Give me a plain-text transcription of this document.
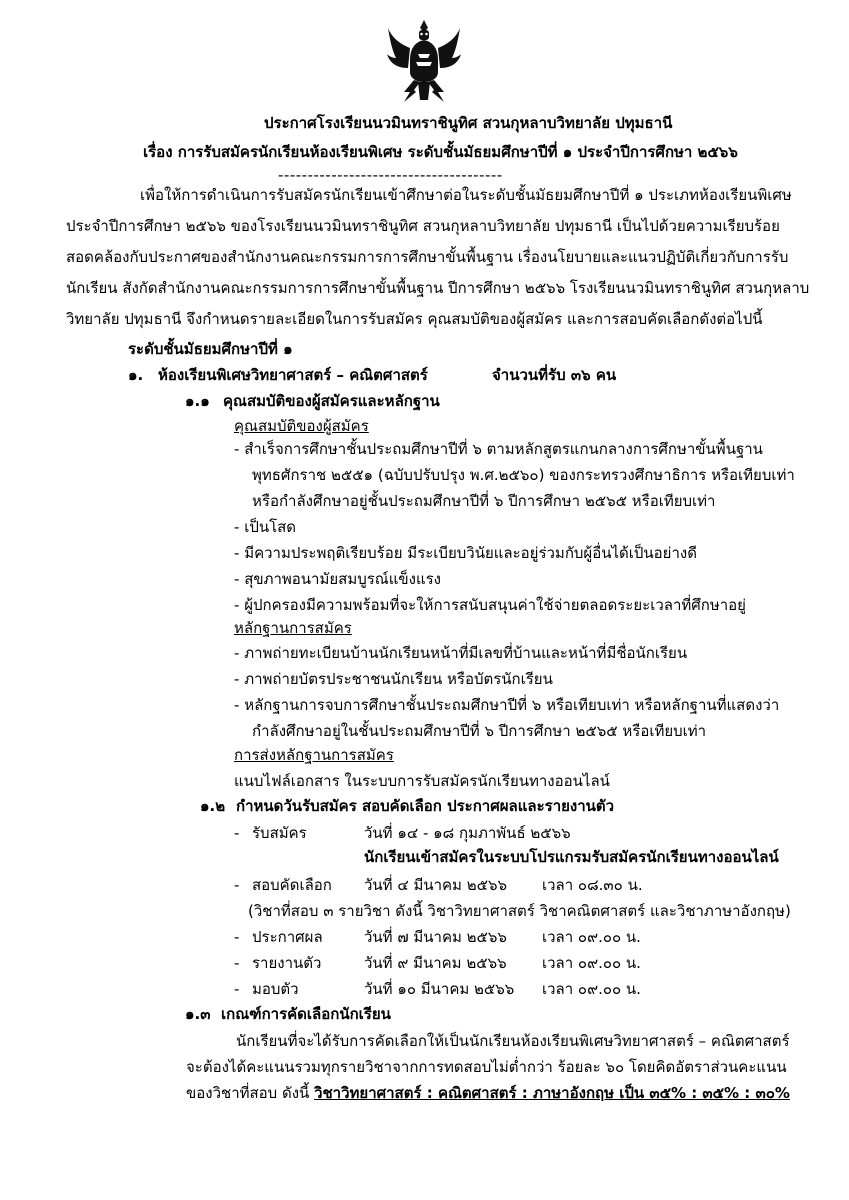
ประกาศโรงเรียนนวมินทราชินูทิศ สวนกุหลาบวิทยาลัย ปทุมธานี
เรื่อง การรับสมัครนักเรียนห้องเรียนพิเศษ ระดับชั้นมัธยมศึกษาปีที่ ๑ ประจำปีการศึกษา ๒๕๖๖
--------------------------------------
เพื่อให้การดำเนินการรับสมัครนักเรียนเข้าศึกษาต่อในระดับชั้นมัธยมศึกษาปีที่ ๑ ประเภทห้องเรียนพิเศษ
ประจำปีการศึกษา ๒๕๖๖ ของโรงเรียนนวมินทราชินูทิศ สวนกุหลาบวิทยาลัย ปทุมธานี เป็นไปด้วยความเรียบร้อย
สอดคล้องกับประกาศของสำนักงานคณะกรรมการการศึกษาขั้นพื้นฐาน เรื่องนโยบายและแนวปฏิบัติเกี่ยวกับการรับ
นักเรียน สังกัดสำนักงานคณะกรรมการการศึกษาขั้นพื้นฐาน ปีการศึกษา ๒๕๖๖ โรงเรียนนวมินทราชินูทิศ สวนกุหลาบ
วิทยาลัย ปทุมธานี จึงกำหนดรายละเอียดในการรับสมัคร คุณสมบัติของผู้สมัคร และการสอบคัดเลือกดังต่อไปนี้
ระดับชั้นมัธยมศึกษาปีที่ ๑
๑. ห้องเรียนพิเศษวิทยาศาสตร์ – คณิตศาสตร์	จำนวนที่รับ ๓๖ คน
๑.๑ คุณสมบัติของผู้สมัครและหลักฐาน
คุณสมบัติของผู้สมัคร
- สำเร็จการศึกษาชั้นประถมศึกษาปีที่ ๖ ตามหลักสูตรแกนกลางการศึกษาขั้นพื้นฐาน
พุทธศักราช ๒๕๕๑ (ฉบับปรับปรุง พ.ศ.๒๕๖๐) ของกระทรวงศึกษาธิการ หรือเทียบเท่า
หรือกำลังศึกษาอยู่ชั้นประถมศึกษาปีที่ ๖ ปีการศึกษา ๒๕๖๕ หรือเทียบเท่า
- เป็นโสด
- มีความประพฤติเรียบร้อย มีระเบียบวินัยและอยู่ร่วมกับผู้อื่นได้เป็นอย่างดี
- สุขภาพอนามัยสมบูรณ์แข็งแรง
- ผู้ปกครองมีความพร้อมที่จะให้การสนับสนุนค่าใช้จ่ายตลอดระยะเวลาที่ศึกษาอยู่
หลักฐานการสมัคร
- ภาพถ่ายทะเบียนบ้านนักเรียนหน้าที่มีเลขที่บ้านและหน้าที่มีชื่อนักเรียน
- ภาพถ่ายบัตรประชาชนนักเรียน หรือบัตรนักเรียน
- หลักฐานการจบการศึกษาชั้นประถมศึกษาปีที่ ๖ หรือเทียบเท่า หรือหลักฐานที่แสดงว่า
กำลังศึกษาอยู่ในชั้นประถมศึกษาปีที่ ๖ ปีการศึกษา ๒๕๖๕ หรือเทียบเท่า
การส่งหลักฐานการสมัคร
แนบไฟล์เอกสาร ในระบบการรับสมัครนักเรียนทางออนไลน์
๑.๒ กำหนดวันรับสมัคร สอบคัดเลือก ประกาศผลและรายงานตัว
- รับสมัคร	วันที่ ๑๔ - ๑๘ กุมภาพันธ์ ๒๕๖๖
นักเรียนเข้าสมัครในระบบโปรแกรมรับสมัครนักเรียนทางออนไลน์
- สอบคัดเลือก วันที่ ๔ มีนาคม ๒๕๖๖ เวลา ๐๘.๓๐ น.
(วิชาที่สอบ ๓ รายวิชา ดังนี้ วิชาวิทยาศาสตร์ วิชาคณิตศาสตร์ และวิชาภาษาอังกฤษ)
- ประกาศผล	วันที่ ๗ มีนาคม ๒๕๖๖ เวลา ๐๙.๐๐ น.
- รายงานตัว	วันที่ ๙ มีนาคม ๒๕๖๖ เวลา ๐๙.๐๐ น.
- มอบตัว	วันที่ ๑๐ มีนาคม ๒๕๖๖ เวลา ๐๙.๐๐ น.
๑.๓ เกณฑ์การคัดเลือกนักเรียน
นักเรียนที่จะได้รับการคัดเลือกให้เป็นนักเรียนห้องเรียนพิเศษวิทยาศาสตร์ – คณิตศาสตร์
จะต้องได้คะแนนรวมทุกรายวิชาจากการทดสอบไม่ต่ำกว่า ร้อยละ ๖๐ โดยคิดอัตราส่วนคะแนน
ของวิชาที่สอบ ดังนี้ วิชาวิทยาศาสตร์ : คณิตศาสตร์ : ภาษาอังกฤษ เป็น ๓๕% : ๓๕% : ๓๐%
